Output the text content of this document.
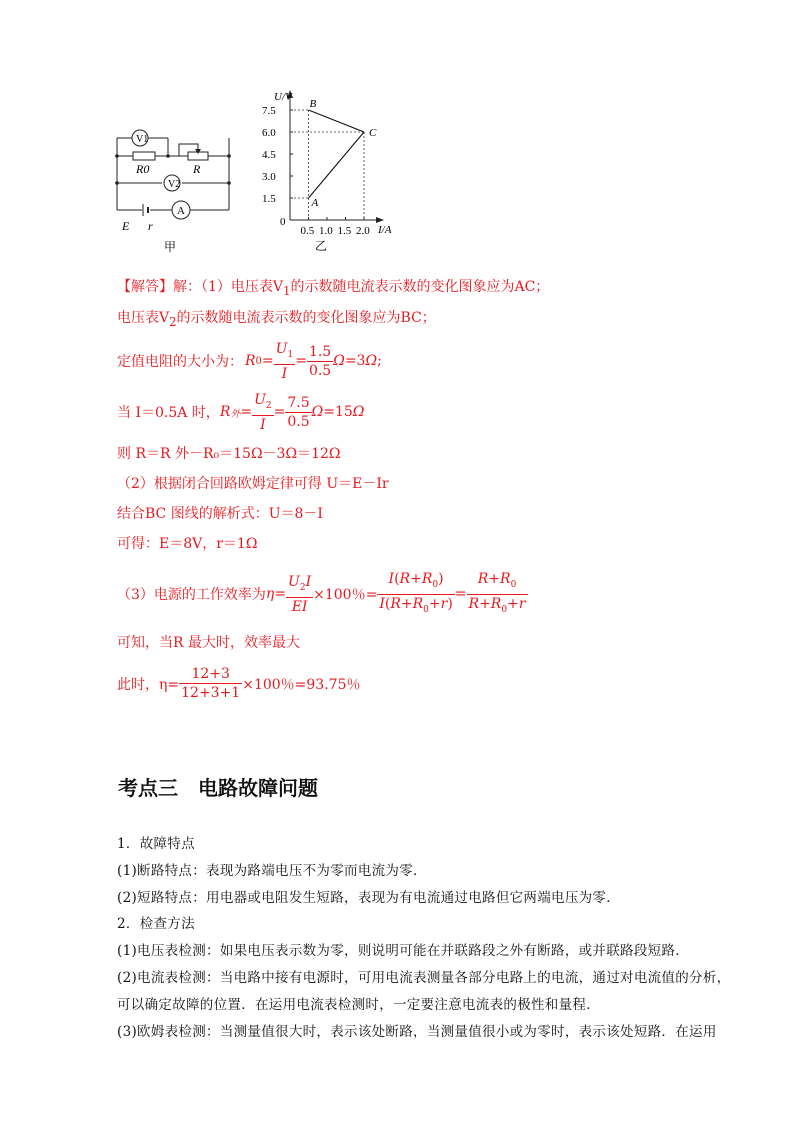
V1
V2
A
R0	R
E r
甲
U/V
I/A
0
7.5
6.0
4.5
3.0
1.5
0.5 1.0 1.5 2.0
A
B
C
乙
【解答】解：（1）电压表$V_1$的示数随电流表示数的变化图象应为AC；
电压表$V_2$的示数随电流表示数的变化图象应为BC；
定值电阻的大小为： R $0 = \frac{U_1}{I} = \frac{1.5}{0.5}$ Ω =3 Ω ;
当 I＝0.5A 时， R 外 = $\frac{U_2}{I} = \frac{7.5}{0.5}$ Ω =15 Ω
则 R＝R 外－R₀＝15Ω－3Ω＝12Ω
（2）根据闭合回路欧姆定律可得 U＝E－Ir
结合BC 图线的解析式：U＝8－I
可得：E＝8V，r＝1Ω
（3）电源的工作效率为 $\eta = \frac{U_2I}{EI} \times 100$％= $\frac{I(R+R_0)}{I(R+R_0+r)} = \frac{R+R_0}{R+R_0+r}$
可知，当R 最大时，效率最大
此时，$\eta= \frac{12+3}{12+3+1} \times 100$％=93.75％
考点三　电路故障问题
1．故障特点
(1)断路特点：表现为路端电压不为零而电流为零．
(2)短路特点：用电器或电阻发生短路，表现为有电流通过电路但它两端电压为零．
2．检查方法
(1)电压表检测：如果电压表示数为零，则说明可能在并联路段之外有断路，或并联路段短路．
(2)电流表检测：当电路中接有电源时，可用电流表测量各部分电路上的电流，通过对电流值的分析，
可以确定故障的位置．在运用电流表检测时，一定要注意电流表的极性和量程．
(3)欧姆表检测：当测量值很大时，表示该处断路，当测量值很小或为零时，表示该处短路．在运用
